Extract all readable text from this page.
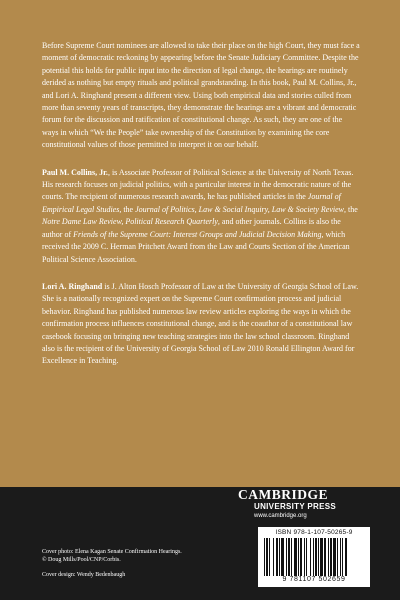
Before Supreme Court nominees are allowed to take their place on the high Court, they must face a moment of democratic reckoning by appearing before the Senate Judiciary Committee. Despite the potential this holds for public input into the direction of legal change, the hearings are routinely derided as nothing but empty rituals and political grandstanding. In this book, Paul M. Collins, Jr., and Lori A. Ringhand present a different view. Using both empirical data and stories culled from more than seventy years of transcripts, they demonstrate the hearings are a vibrant and democratic forum for the discussion and ratification of constitutional change. As such, they are one of the ways in which “We the People” take ownership of the Constitution by examining the core constitutional values of those permitted to interpret it on our behalf.

Paul M. Collins, Jr., is Associate Professor of Political Science at the University of North Texas. His research focuses on judicial politics, with a particular interest in the democratic nature of the courts. The recipient of numerous research awards, he has published articles in the Journal of Empirical Legal Studies, the Journal of Politics, Law & Social Inquiry, Law & Society Review, the Notre Dame Law Review, Political Research Quarterly, and other journals. Collins is also the author of Friends of the Supreme Court: Interest Groups and Judicial Decision Making, which received the 2009 C. Herman Pritchett Award from the Law and Courts Section of the American Political Science Association.

Lori A. Ringhand is J. Alton Hosch Professor of Law at the University of Georgia School of Law. She is a nationally recognized expert on the Supreme Court confirmation process and judicial behavior. Ringhand has published numerous law review articles exploring the ways in which the confirmation process influences constitutional change, and is the coauthor of a constitutional law casebook focusing on bringing new teaching strategies into the law school classroom. Ringhand also is the recipient of the University of Georgia School of Law 2010 Ronald Ellington Award for Excellence in Teaching.

CAMBRIDGE
UNIVERSITY PRESS
www.cambridge.org
ISBN 978-1-107-50265-9
9 781107 502659
Cover photo: Elena Kagan Senate Confirmation Hearings.
© Doug Mills/Pool/CNP/Corbis.
Cover design: Wendy Bedenbaugh
